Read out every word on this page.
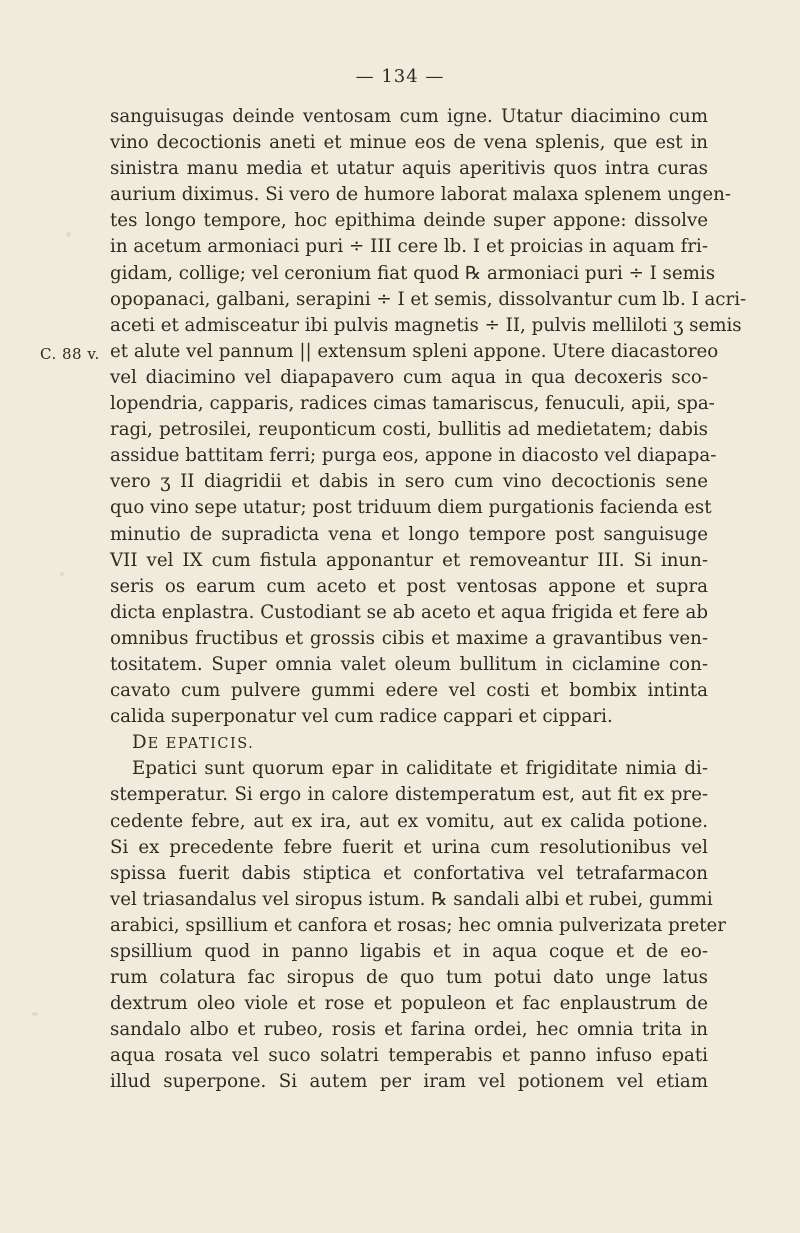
— 134 —
C. 88 v.
sanguisugas deinde ventosam cum igne. Utatur diacimino cum
vino decoctionis aneti et minue eos de vena splenis, que est in
sinistra manu media et utatur aquis aperitivis quos intra curas
aurium diximus. Si vero de humore laborat malaxa splenem ungen-
tes longo tempore, hoc epithima deinde super appone: dissolve
in acetum armoniaci puri ÷ III cere lb. I et proicias in aquam fri-
gidam, collige; vel ceronium fiat quod ℞ armoniaci puri ÷ I semis
opopanaci, galbani, serapini ÷ I et semis, dissolvantur cum lb. I acri-
aceti et admisceatur ibi pulvis magnetis ÷ II, pulvis melliloti ʒ semis
et alute vel pannum || extensum spleni appone. Utere diacastoreo
vel diacimino vel diapapavero cum aqua in qua decoxeris sco-
lopendria, capparis, radices cimas tamariscus, fenuculi, apii, spa-
ragi, petrosilei, reuponticum costi, bullitis ad medietatem; dabis
assidue battitam ferri; purga eos, appone in diacosto vel diapapa-
vero ʒ II diagridii et dabis in sero cum vino decoctionis sene
quo vino sepe utatur; post triduum diem purgationis facienda est
minutio de supradicta vena et longo tempore post sanguisuge
VII vel IX cum fistula apponantur et removeantur III. Si inun-
seris os earum cum aceto et post ventosas appone et supra
dicta enplastra. Custodiant se ab aceto et aqua frigida et fere ab
omnibus fructibus et grossis cibis et maxime a gravantibus ven-
tositatem. Super omnia valet oleum bullitum in ciclamine con-
cavato cum pulvere gummi edere vel costi et bombix intinta
calida superponatur vel cum radice cappari et cippari.
DE EPATICIS.
Epatici sunt quorum epar in caliditate et frigiditate nimia di-
stemperatur. Si ergo in calore distemperatum est, aut fit ex pre-
cedente febre, aut ex ira, aut ex vomitu, aut ex calida potione.
Si ex precedente febre fuerit et urina cum resolutionibus vel
spissa fuerit dabis stiptica et confortativa vel tetrafarmacon
vel triasandalus vel siropus istum. ℞ sandali albi et rubei, gummi
arabici, spsillium et canfora et rosas; hec omnia pulverizata preter
spsillium quod in panno ligabis et in aqua coque et de eo-
rum colatura fac siropus de quo tum potui dato unge latus
dextrum oleo viole et rose et populeon et fac enplaustrum de
sandalo albo et rubeo, rosis et farina ordei, hec omnia trita in
aqua rosata vel suco solatri temperabis et panno infuso epati
illud superpone. Si autem per iram vel potionem vel etiam
